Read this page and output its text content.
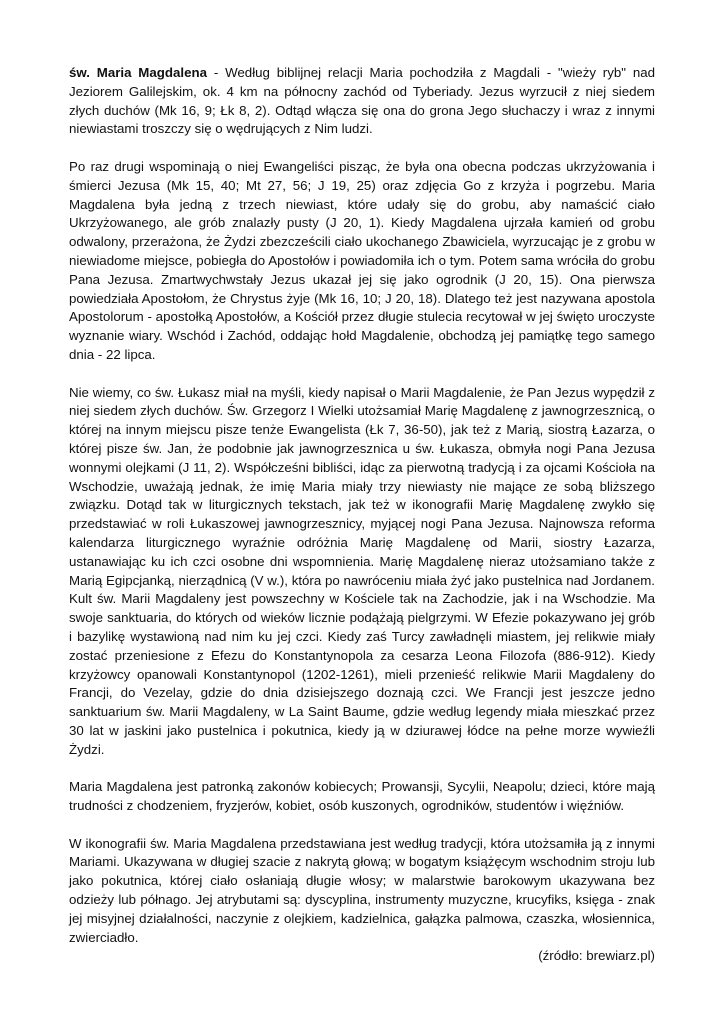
św. Maria Magdalena - Według biblijnej relacji Maria pochodziła z Magdali - "wieży ryb" nad Jeziorem Galilejskim, ok. 4 km na północny zachód od Tyberiady. Jezus wyrzucił z niej siedem złych duchów (Mk 16, 9; Łk 8, 2). Odtąd włącza się ona do grona Jego słuchaczy i wraz z innymi niewiastami troszczy się o wędrujących z Nim ludzi.

Po raz drugi wspominają o niej Ewangeliści pisząc, że była ona obecna podczas ukrzyżowania i śmierci Jezusa (Mk 15, 40; Mt 27, 56; J 19, 25) oraz zdjęcia Go z krzyża i pogrzebu. Maria Magdalena była jedną z trzech niewiast, które udały się do grobu, aby namaścić ciało Ukrzyżowanego, ale grób znalazły pusty (J 20, 1). Kiedy Magdalena ujrzała kamień od grobu odwalony, przerażona, że Żydzi zbezcześcili ciało ukochanego Zbawiciela, wyrzucając je z grobu w niewiadome miejsce, pobiegła do Apostołów i powiadomiła ich o tym. Potem sama wróciła do grobu Pana Jezusa. Zmartwychwstały Jezus ukazał jej się jako ogrodnik (J 20, 15). Ona pierwsza powiedziała Apostołom, że Chrystus żyje (Mk 16, 10; J 20, 18). Dlatego też jest nazywana apostola Apostolorum - apostołką Apostołów, a Kościół przez długie stulecia recytował w jej święto uroczyste wyznanie wiary. Wschód i Zachód, oddając hołd Magdalenie, obchodzą jej pamiątkę tego samego dnia - 22 lipca.

Nie wiemy, co św. Łukasz miał na myśli, kiedy napisał o Marii Magdalenie, że Pan Jezus wypędził z niej siedem złych duchów. Św. Grzegorz I Wielki utożsamiał Marię Magdalenę z jawnogrzesznicą, o której na innym miejscu pisze tenże Ewangelista (Łk 7, 36-50), jak też z Marią, siostrą Łazarza, o której pisze św. Jan, że podobnie jak jawnogrzesznica u św. Łukasza, obmyła nogi Pana Jezusa wonnymi olejkami (J 11, 2). Współcześni bibliści, idąc za pierwotną tradycją i za ojcami Kościoła na Wschodzie, uważają jednak, że imię Maria miały trzy niewiasty nie mające ze sobą bliższego związku. Dotąd tak w liturgicznych tekstach, jak też w ikonografii Marię Magdalenę zwykło się przedstawiać w roli Łukaszowej jawnogrzesznicy, myjącej nogi Pana Jezusa. Najnowsza reforma kalendarza liturgicznego wyraźnie odróżnia Marię Magdalenę od Marii, siostry Łazarza, ustanawiając ku ich czci osobne dni wspomnienia. Marię Magdalenę nieraz utożsamiano także z Marią Egipcjanką, nierządnicą (V w.), która po nawróceniu miała żyć jako pustelnica nad Jordanem. Kult św. Marii Magdaleny jest powszechny w Kościele tak na Zachodzie, jak i na Wschodzie. Ma swoje sanktuaria, do których od wieków licznie podążają pielgrzymi. W Efezie pokazywano jej grób i bazylikę wystawioną nad nim ku jej czci. Kiedy zaś Turcy zawładnęli miastem, jej relikwie miały zostać przeniesione z Efezu do Konstantynopola za cesarza Leona Filozofa (886-912). Kiedy krzyżowcy opanowali Konstantynopol (1202-1261), mieli przenieść relikwie Marii Magdaleny do Francji, do Vezelay, gdzie do dnia dzisiejszego doznają czci. We Francji jest jeszcze jedno sanktuarium św. Marii Magdaleny, w La Saint Baume, gdzie według legendy miała mieszkać przez 30 lat w jaskini jako pustelnica i pokutnica, kiedy ją w dziurawej łódce na pełne morze wywieźli Żydzi.

Maria Magdalena jest patronką zakonów kobiecych; Prowansji, Sycylii, Neapolu; dzieci, które mają trudności z chodzeniem, fryzjerów, kobiet, osób kuszonych, ogrodników, studentów i więźniów.

W ikonografii św. Maria Magdalena przedstawiana jest według tradycji, która utożsamiła ją z innymi Mariami. Ukazywana w długiej szacie z nakrytą głową; w bogatym książęcym wschodnim stroju lub jako pokutnica, której ciało osłaniają długie włosy; w malarstwie barokowym ukazywana bez odzieży lub półnago. Jej atrybutami są: dyscyplina, instrumenty muzyczne, krucyfiks, księga - znak jej misyjnej działalności, naczynie z olejkiem, kadzielnica, gałązka palmowa, czaszka, włosiennica, zwierciadło.

(źródło: brewiarz.pl)
